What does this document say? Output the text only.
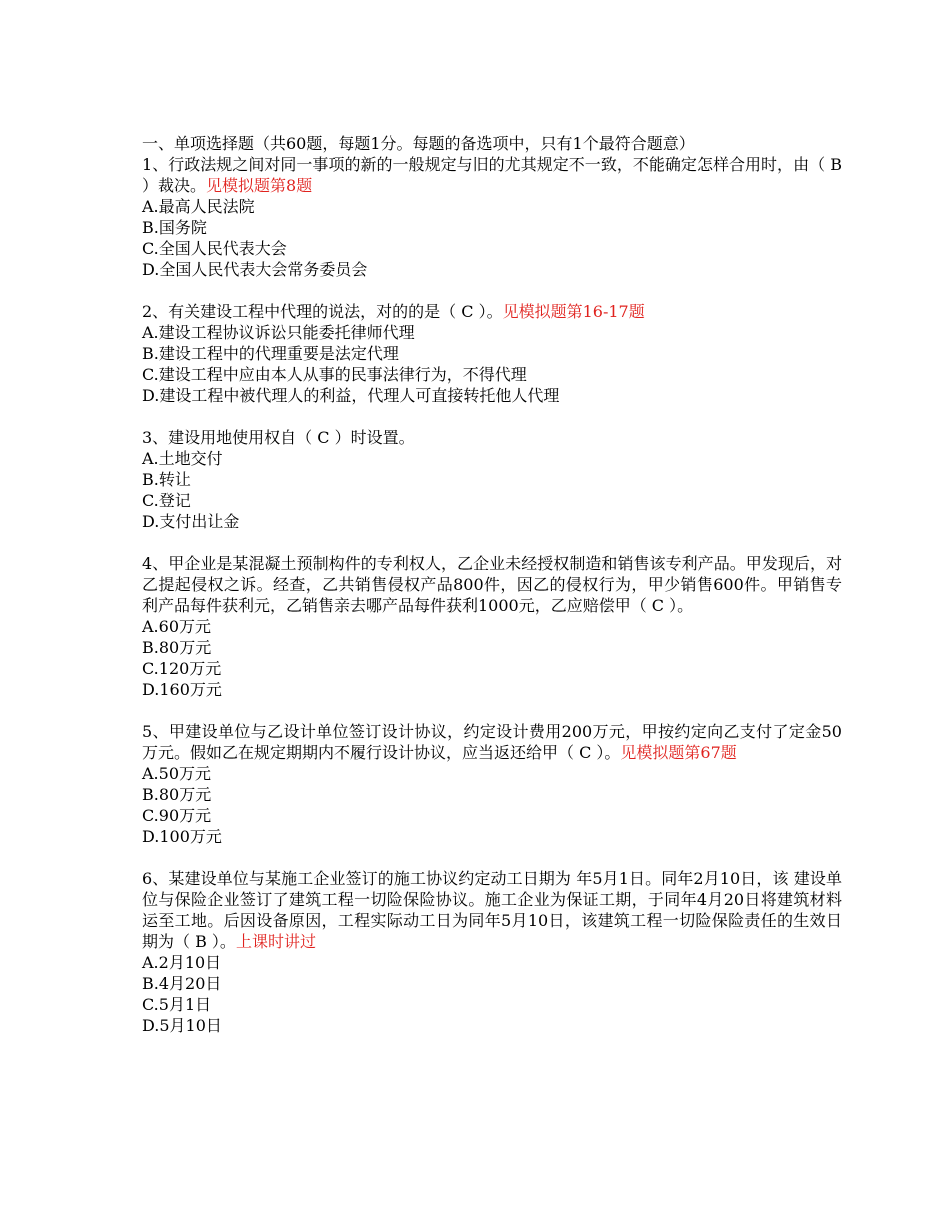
一、单项选择题（共60题，每题1分。每题的备选项中，只有1个最符合题意）
1、行政法规之间对同一事项的新的一般规定与旧的尤其规定不一致，不能确定怎样合用时，由（ B ）裁决。见模拟题第8题
A.最高人民法院
B.国务院
C.全国人民代表大会
D.全国人民代表大会常务委员会
2、有关建设工程中代理的说法，对的的是（ C ）。见模拟题第16-17题
A.建设工程协议诉讼只能委托律师代理
B.建设工程中的代理重要是法定代理
C.建设工程中应由本人从事的民事法律行为，不得代理
D.建设工程中被代理人的利益，代理人可直接转托他人代理
3、建设用地使用权自（ C ）时设置。
A.土地交付
B.转让
C.登记
D.支付出让金
4、甲企业是某混凝土预制构件的专利权人，乙企业未经授权制造和销售该专利产品。甲发现后，对乙提起侵权之诉。经查，乙共销售侵权产品800件，因乙的侵权行为，甲少销售600件。甲销售专利产品每件获利元，乙销售亲去哪产品每件获利1000元，乙应赔偿甲（ C ）。
A.60万元
B.80万元
C.120万元
D.160万元
5、甲建设单位与乙设计单位签订设计协议，约定设计费用200万元，甲按约定向乙支付了定金50万元。假如乙在规定期期内不履行设计协议，应当返还给甲（ C ）。见模拟题第67题
A.50万元
B.80万元
C.90万元
D.100万元
6、某建设单位与某施工企业签订的施工协议约定动工日期为 年5月1日。同年2月10日，该 建设单位与保险企业签订了建筑工程一切险保险协议。施工企业为保证工期，于同年4月20日将建筑材料运至工地。后因设备原因，工程实际动工日为同年5月10日，该建筑工程一切险保险责任的生效日期为（ B ）。上课时讲过
A.2月10日
B.4月20日
C.5月1日
D.5月10日
